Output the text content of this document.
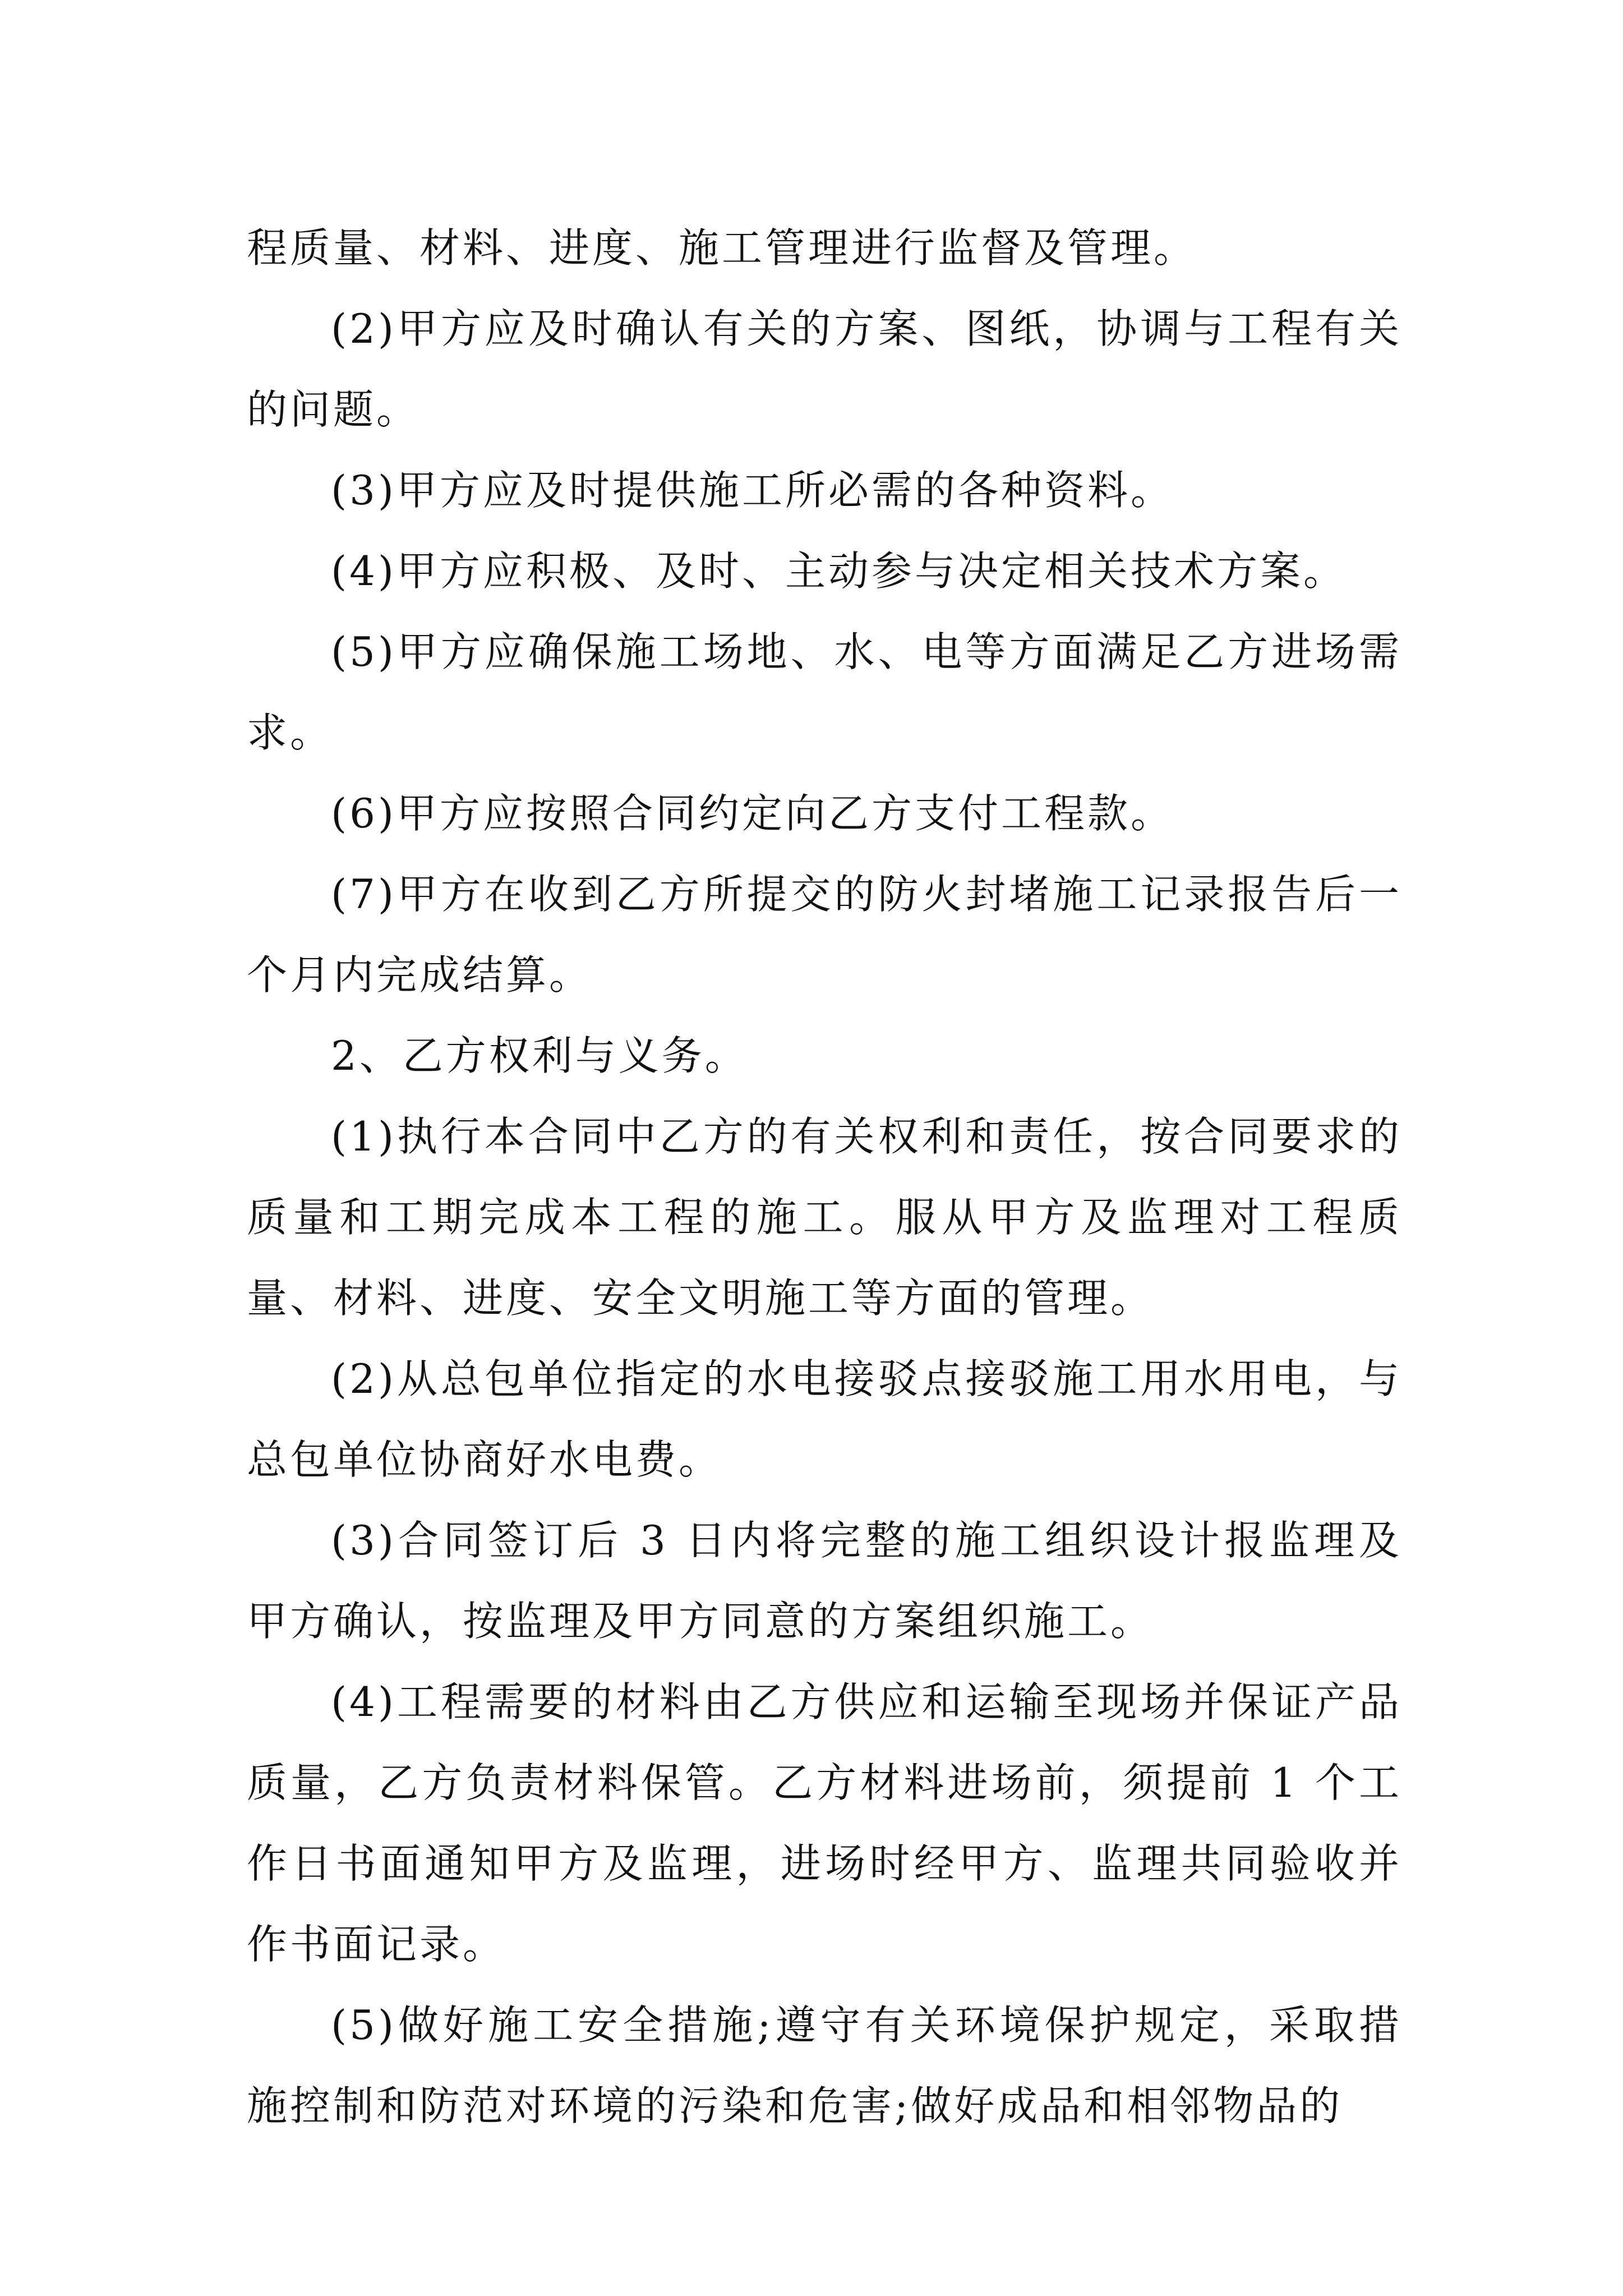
程质量、材料、进度、施工管理进行监督及管理。

(2)甲方应及时确认有关的方案、图纸，协调与工程有关的问题。

(3)甲方应及时提供施工所必需的各种资料。

(4)甲方应积极、及时、主动参与决定相关技术方案。

(5)甲方应确保施工场地、水、电等方面满足乙方进场需求。

(6)甲方应按照合同约定向乙方支付工程款。

(7)甲方在收到乙方所提交的防火封堵施工记录报告后一个月内完成结算。

2、乙方权利与义务。

(1)执行本合同中乙方的有关权利和责任，按合同要求的质量和工期完成本工程的施工。服从甲方及监理对工程质量、材料、进度、安全文明施工等方面的管理。

(2)从总包单位指定的水电接驳点接驳施工用水用电，与总包单位协商好水电费。

(3)合同签订后 3 日内将完整的施工组织设计报监理及甲方确认，按监理及甲方同意的方案组织施工。

(4)工程需要的材料由乙方供应和运输至现场并保证产品质量，乙方负责材料保管。乙方材料进场前，须提前 1 个工作日书面通知甲方及监理，进场时经甲方、监理共同验收并作书面记录。

(5)做好施工安全措施;遵守有关环境保护规定，采取措施控制和防范对环境的污染和危害;做好成品和相邻物品的
